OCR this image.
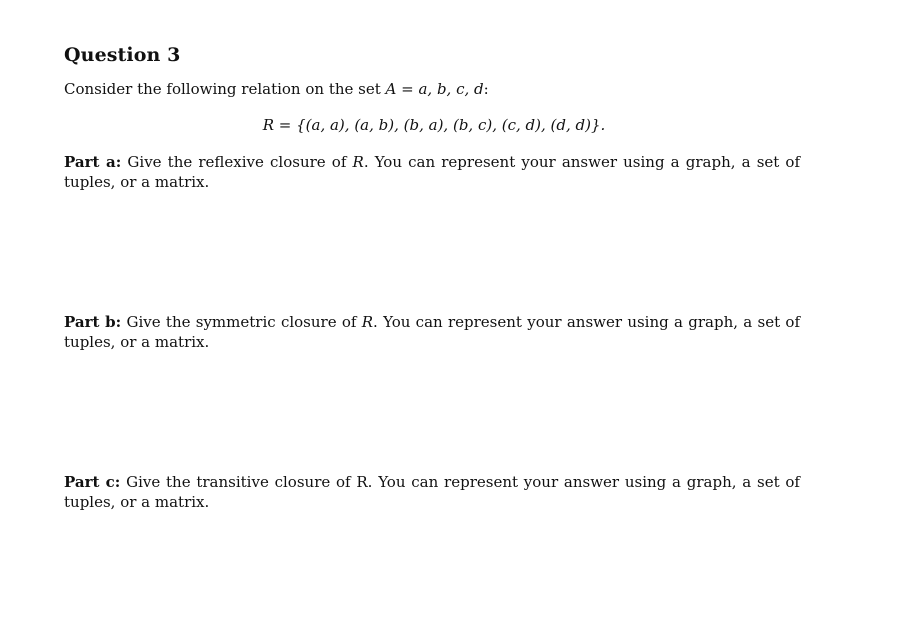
Question 3
Consider the following relation on the set A = a, b, c, d:
R = {(a, a), (a, b), (b, a), (b, c), (c, d), (d, d)}.
Part a: Give the reflexive closure of R. You can represent your answer using a graph, a set of tuples, or a matrix.
Part b: Give the symmetric closure of R. You can represent your answer using a graph, a set of tuples, or a matrix.
Part c: Give the transitive closure of R. You can represent your answer using a graph, a set of tuples, or a matrix.
